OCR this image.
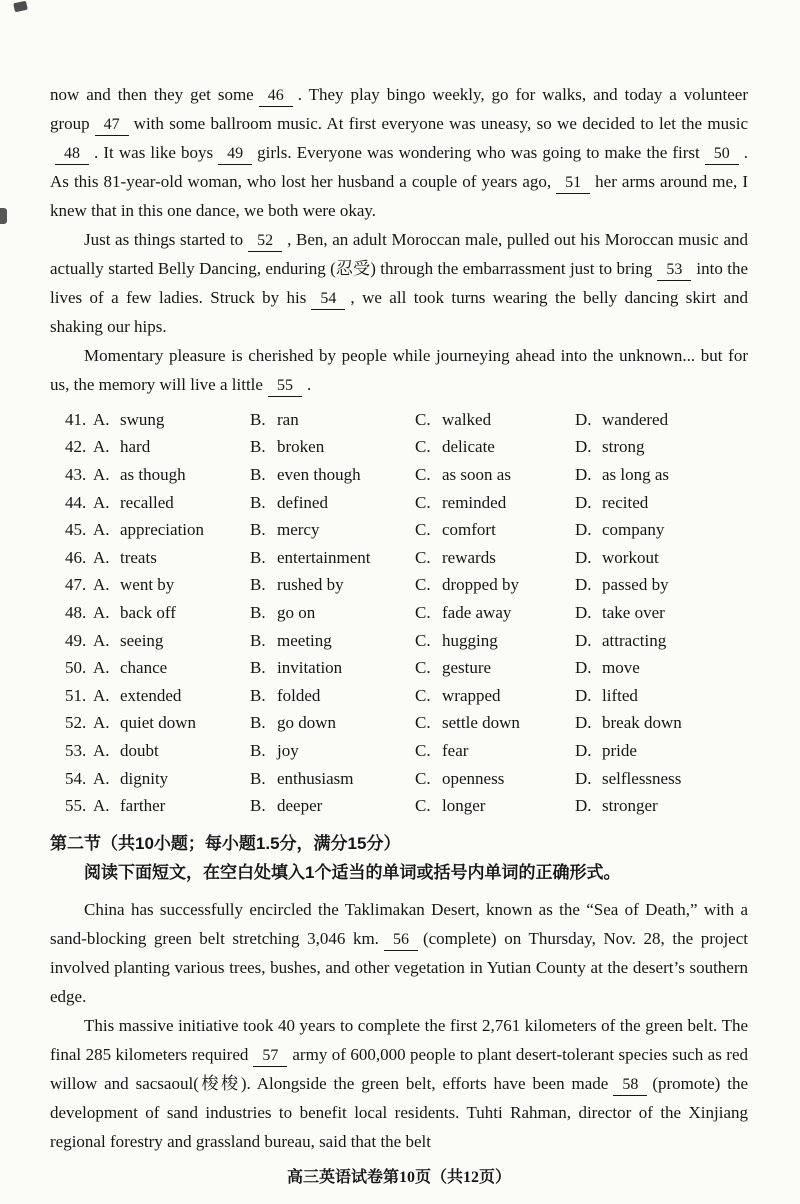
now and then they get some 46 . They play bingo weekly, go for walks, and today a volunteer group 47 with some ballroom music. At first everyone was uneasy, so we decided to let the music48 . It was like boys 49 girls. Everyone was wondering who was going to make the first 50 . As this 81-year-old woman, who lost her husband a couple of years ago, 51 her arms around me, I knew that in this one dance, we both were okay.
Just as things started to 52 , Ben, an adult Moroccan male, pulled out his Moroccan music and actually started Belly Dancing, enduring (忍受) through the embarrassment just to bring 53 into the lives of a few ladies. Struck by his 54 , we all took turns wearing the belly dancing skirt and shaking our hips.
Momentary pleasure is cherished by people while journeying ahead into the unknown... but for us, the memory will live a little 55 .
41. A. swung	B. ran	C. walked	D. wandered
42. A. hard	B. broken	C. delicate	D. strong
43. A. as though	B. even though	C. as soon as	D. as long as
44. A. recalled	B. defined	C. reminded	D. recited
45. A. appreciation	B. mercy	C. comfort	D. company
46. A. treats	B. entertainment	C. rewards	D. workout
47. A. went by	B. rushed by	C. dropped by	D. passed by
48. A. back off	B. go on	C. fade away	D. take over
49. A. seeing	B. meeting	C. hugging	D. attracting
50. A. chance	B. invitation	C. gesture	D. move
51. A. extended	B. folded	C. wrapped	D. lifted
52. A. quiet down	B. go down	C. settle down	D. break down
53. A. doubt	B. joy	C. fear	D. pride
54. A. dignity	B. enthusiasm	C. openness	D. selflessness
55. A. farther	B. deeper	C. longer	D. stronger
第二节（共10小题；每小题1.5分，满分15分）
阅读下面短文，在空白处填入1个适当的单词或括号内单词的正确形式。
China has successfully encircled the Taklimakan Desert, known as the “Sea of Death,” with a sand-blocking green belt stretching 3,046 km. 56 (complete) on Thursday, Nov. 28, the project involved planting various trees, bushes, and other vegetation in Yutian County at the desert’s southern edge.
This massive initiative took 40 years to complete the first 2,761 kilometers of the green belt. The final 285 kilometers required 57 army of 600,000 people to plant desert-tolerant species such as red willow and sacsaoul(梭梭). Alongside the green belt, efforts have been made 58 (promote) the development of sand industries to benefit local residents. Tuhti Rahman, director of the Xinjiang regional forestry and grassland bureau, said that the belt
高三英语试卷第10页（共12页）
